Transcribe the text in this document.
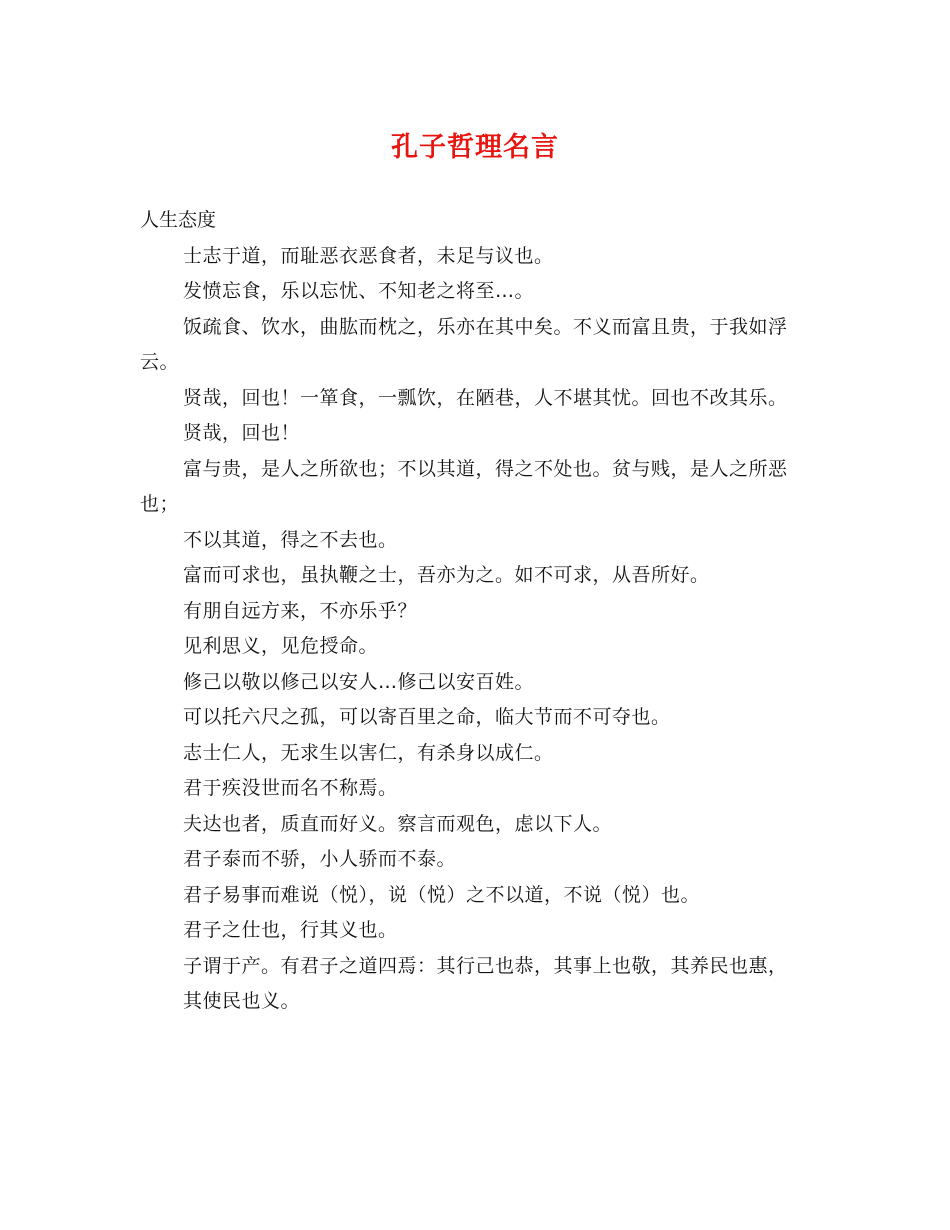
孔子哲理名言
人生态度

士志于道，而耻恶衣恶食者，未足与议也。

发愤忘食，乐以忘忧、不知老之将至…。

饭疏食、饮水，曲肱而枕之，乐亦在其中矣。不义而富且贵，于我如浮云。

贤哉，回也！一箪食，一瓢饮，在陋巷，人不堪其忧。回也不改其乐。

贤哉，回也！

富与贵，是人之所欲也；不以其道，得之不处也。贫与贱，是人之所恶也；

不以其道，得之不去也。

富而可求也，虽执鞭之士，吾亦为之。如不可求，从吾所好。

有朋自远方来，不亦乐乎？

见利思义，见危授命。

修己以敬以修己以安人…修己以安百姓。

可以托六尺之孤，可以寄百里之命，临大节而不可夺也。

志士仁人，无求生以害仁，有杀身以成仁。

君于疾没世而名不称焉。

夫达也者，质直而好义。察言而观色，虑以下人。

君子泰而不骄，小人骄而不泰。

君子易事而难说（悦），说（悦）之不以道，不说（悦）也。

君子之仕也，行其义也。

子谓于产。有君子之道四焉：其行己也恭，其事上也敬，其养民也惠，

其使民也义。
